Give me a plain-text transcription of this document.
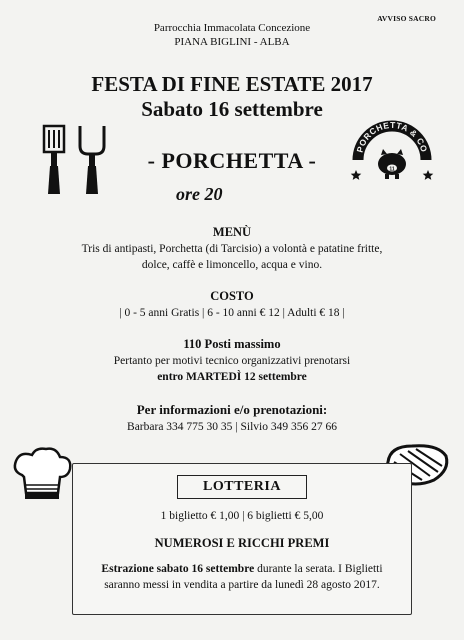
Parrocchia Immacolata Concezione
PIANA BIGLINI - ALBA
AVVISO SACRO
FESTA DI FINE ESTATE 2017
Sabato 16 settembre
- PORCHETTA -	PORCHETTA & CO
11
ore 20
MENÙ
Tris di antipasti, Porchetta (di Tarcisio) a volontà e patatine fritte,
dolce, caffè e limoncello, acqua e vino.
COSTO
| 0 - 5 anni Gratis | 6 - 10 anni € 12 | Adulti € 18 |
110 Posti massimo
Pertanto per motivi tecnico organizzativi prenotarsi
entro MARTEDÌ 12 settembre
Per informazioni e/o prenotazioni:
Barbara 334 775 30 35 | Silvio 349 356 27 66
LOTTERIA
1 biglietto € 1,00 | 6 biglietti € 5,00
NUMEROSI E RICCHI PREMI
Estrazione sabato 16 settembre durante la serata. I Biglietti
saranno messi in vendita a partire da lunedì 28 agosto 2017.
